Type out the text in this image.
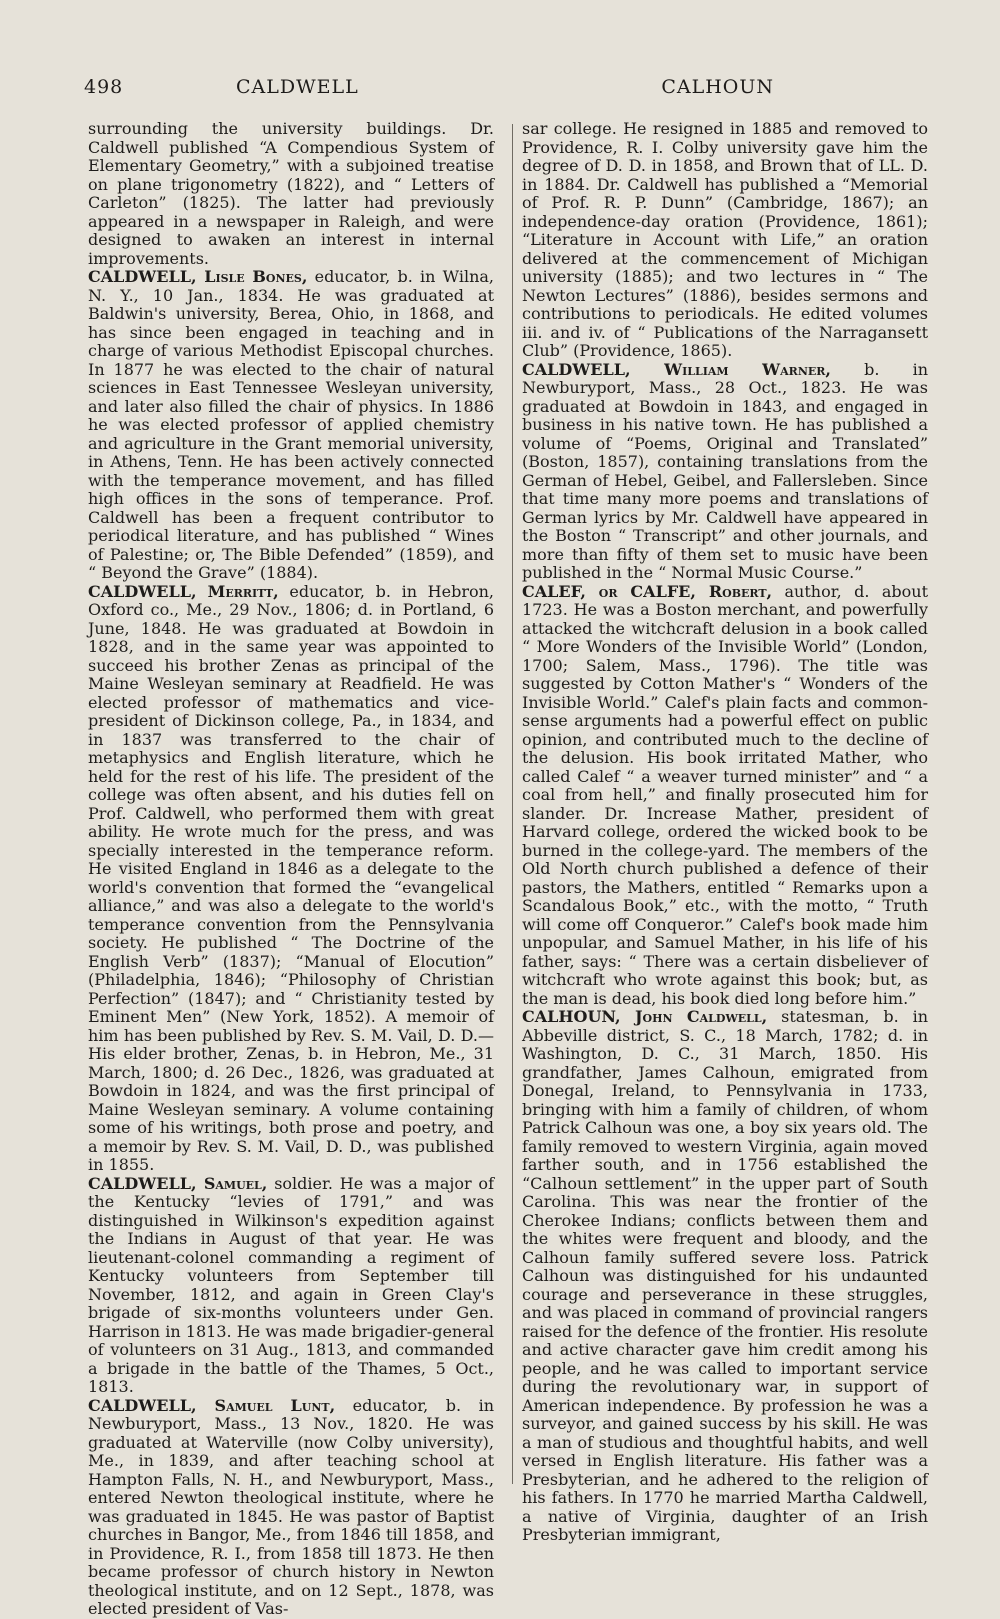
498	CALDWELL	CALHOUN

surrounding the university buildings. Dr. Caldwell published “A Compendious System of Elementary Geometry,” with a subjoined treatise on plane trigonometry (1822), and “ Letters of Carleton” (1825). The latter had previously appeared in a newspaper in Raleigh, and were designed to awaken an interest in internal improvements.

CALDWELL, Lisle Bones, educator, b. in Wilna, N. Y., 10 Jan., 1834. He was graduated at Baldwin's university, Berea, Ohio, in 1868, and has since been engaged in teaching and in charge of various Methodist Episcopal churches. In 1877 he was elected to the chair of natural sciences in East Tennessee Wesleyan university, and later also filled the chair of physics. In 1886 he was elected professor of applied chemistry and agriculture in the Grant memorial university, in Athens, Tenn. He has been actively connected with the temperance movement, and has filled high offices in the sons of temperance. Prof. Caldwell has been a frequent contributor to periodical literature, and has published “ Wines of Palestine; or, The Bible Defended” (1859), and “ Beyond the Grave” (1884).

CALDWELL, Merritt, educator, b. in Hebron, Oxford co., Me., 29 Nov., 1806; d. in Portland, 6 June, 1848. He was graduated at Bowdoin in 1828, and in the same year was appointed to succeed his brother Zenas as principal of the Maine Wesleyan seminary at Readfield. He was elected professor of mathematics and vice-president of Dickinson college, Pa., in 1834, and in 1837 was transferred to the chair of metaphysics and English literature, which he held for the rest of his life. The president of the college was often absent, and his duties fell on Prof. Caldwell, who performed them with great ability. He wrote much for the press, and was specially interested in the temperance reform. He visited England in 1846 as a delegate to the world's convention that formed the “evangelical alliance,” and was also a delegate to the world's temperance convention from the Pennsylvania society. He published “ The Doctrine of the English Verb” (1837); “Manual of Elocution” (Philadelphia, 1846); “Philosophy of Christian Perfection” (1847); and “ Christianity tested by Eminent Men” (New York, 1852). A memoir of him has been published by Rev. S. M. Vail, D. D.—His elder brother, Zenas, b. in Hebron, Me., 31 March, 1800; d. 26 Dec., 1826, was graduated at Bowdoin in 1824, and was the first principal of Maine Wesleyan seminary. A volume containing some of his writings, both prose and poetry, and a memoir by Rev. S. M. Vail, D. D., was published in 1855.

CALDWELL, Samuel, soldier. He was a major of the Kentucky “levies of 1791,” and was distinguished in Wilkinson's expedition against the Indians in August of that year. He was lieutenant-colonel commanding a regiment of Kentucky volunteers from September till November, 1812, and again in Green Clay's brigade of six-months volunteers under Gen. Harrison in 1813. He was made brigadier-general of volunteers on 31 Aug., 1813, and commanded a brigade in the battle of the Thames, 5 Oct., 1813.

CALDWELL, Samuel Lunt, educator, b. in Newburyport, Mass., 13 Nov., 1820. He was graduated at Waterville (now Colby university), Me., in 1839, and after teaching school at Hampton Falls, N. H., and Newburyport, Mass., entered Newton theological institute, where he was graduated in 1845. He was pastor of Baptist churches in Bangor, Me., from 1846 till 1858, and in Providence, R. I., from 1858 till 1873. He then became professor of church history in Newton theological institute, and on 12 Sept., 1878, was elected president of Vas-

sar college. He resigned in 1885 and removed to Providence, R. I. Colby university gave him the degree of D. D. in 1858, and Brown that of LL. D. in 1884. Dr. Caldwell has published a “Memorial of Prof. R. P. Dunn” (Cambridge, 1867); an independence-day oration (Providence, 1861); “Literature in Account with Life,” an oration delivered at the commencement of Michigan university (1885); and two lectures in “ The Newton Lectures” (1886), besides sermons and contributions to periodicals. He edited volumes iii. and iv. of “ Publications of the Narragansett Club” (Providence, 1865).

CALDWELL, William Warner, b. in Newburyport, Mass., 28 Oct., 1823. He was graduated at Bowdoin in 1843, and engaged in business in his native town. He has published a volume of “Poems, Original and Translated” (Boston, 1857), containing translations from the German of Hebel, Geibel, and Fallersleben. Since that time many more poems and translations of German lyrics by Mr. Caldwell have appeared in the Boston “ Transcript” and other journals, and more than fifty of them set to music have been published in the “ Normal Music Course.”

CALEF, or CALFE, Robert, author, d. about 1723. He was a Boston merchant, and powerfully attacked the witchcraft delusion in a book called “ More Wonders of the Invisible World” (London, 1700; Salem, Mass., 1796). The title was suggested by Cotton Mather's “ Wonders of the Invisible World.” Calef's plain facts and common-sense arguments had a powerful effect on public opinion, and contributed much to the decline of the delusion. His book irritated Mather, who called Calef “ a weaver turned minister” and “ a coal from hell,” and finally prosecuted him for slander. Dr. Increase Mather, president of Harvard college, ordered the wicked book to be burned in the college-yard. The members of the Old North church published a defence of their pastors, the Mathers, entitled “ Remarks upon a Scandalous Book,” etc., with the motto, “ Truth will come off Conqueror.” Calef's book made him unpopular, and Samuel Mather, in his life of his father, says: “ There was a certain disbeliever of witchcraft who wrote against this book; but, as the man is dead, his book died long before him.”

CALHOUN, John Caldwell, statesman, b. in Abbeville district, S. C., 18 March, 1782; d. in Washington, D. C., 31 March, 1850. His grandfather, James Calhoun, emigrated from Donegal, Ireland, to Pennsylvania in 1733, bringing with him a family of children, of whom Patrick Calhoun was one, a boy six years old. The family removed to western Virginia, again moved farther south, and in 1756 established the “Calhoun settlement” in the upper part of South Carolina. This was near the frontier of the Cherokee Indians; conflicts between them and the whites were frequent and bloody, and the Calhoun family suffered severe loss. Patrick Calhoun was distinguished for his undaunted courage and perseverance in these struggles, and was placed in command of provincial rangers raised for the defence of the frontier. His resolute and active character gave him credit among his people, and he was called to important service during the revolutionary war, in support of American independence. By profession he was a surveyor, and gained success by his skill. He was a man of studious and thoughtful habits, and well versed in English literature. His father was a Presbyterian, and he adhered to the religion of his fathers. In 1770 he married Martha Caldwell, a native of Virginia, daughter of an Irish Presbyterian immigrant,
